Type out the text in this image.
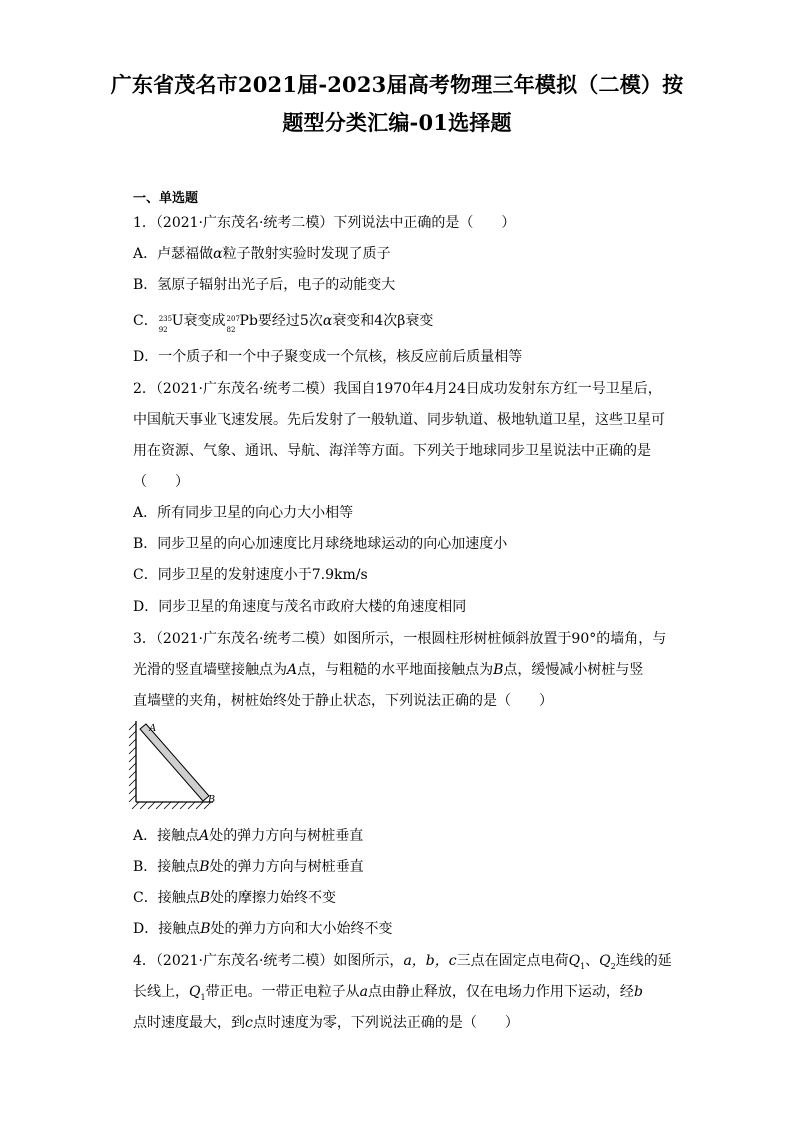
广东省茂名市2021届-2023届高考物理三年模拟（二模）按
题型分类汇编-01选择题
一、单选题
1．（2021·广东茂名·统考二模）下列说法中正确的是（　　）
A．卢瑟福做α粒子散射实验时发现了质子
B．氢原子辐射出光子后，电子的动能变大
C． 235
92
U衰变成 207
82
Pb要经过5次α衰变和4次β衰变
D．一个质子和一个中子聚变成一个氘核，核反应前后质量相等
2．（2021·广东茂名·统考二模）我国自1970年4月24日成功发射东方红一号卫星后，
中国航天事业飞速发展。先后发射了一般轨道、同步轨道、极地轨道卫星，这些卫星可
用在资源、气象、通讯、导航、海洋等方面。下列关于地球同步卫星说法中正确的是
（　　）
A．所有同步卫星的向心力大小相等
B．同步卫星的向心加速度比月球绕地球运动的向心加速度小
C．同步卫星的发射速度小于7.9km/s
D．同步卫星的角速度与茂名市政府大楼的角速度相同
3．（2021·广东茂名·统考二模）如图所示，一根圆柱形树桩倾斜放置于90°的墙角，与
光滑的竖直墙壁接触点为A点，与粗糙的水平地面接触点为B点，缓慢减小树桩与竖
直墙壁的夹角，树桩始终处于静止状态，下列说法正确的是（　　）
A
B
A．接触点A处的弹力方向与树桩垂直
B．接触点B处的弹力方向与树桩垂直
C．接触点B处的摩擦力始终不变
D．接触点B处的弹力方向和大小始终不变
4．（2021·广东茂名·统考二模）如图所示，a，b，c三点在固定点电荷$Q_1$、$Q_2$连线的延
长线上，$Q_1$带正电。一带正电粒子从a点由静止释放，仅在电场力作用下运动，经b
点时速度最大，到c点时速度为零，下列说法正确的是（　　）
